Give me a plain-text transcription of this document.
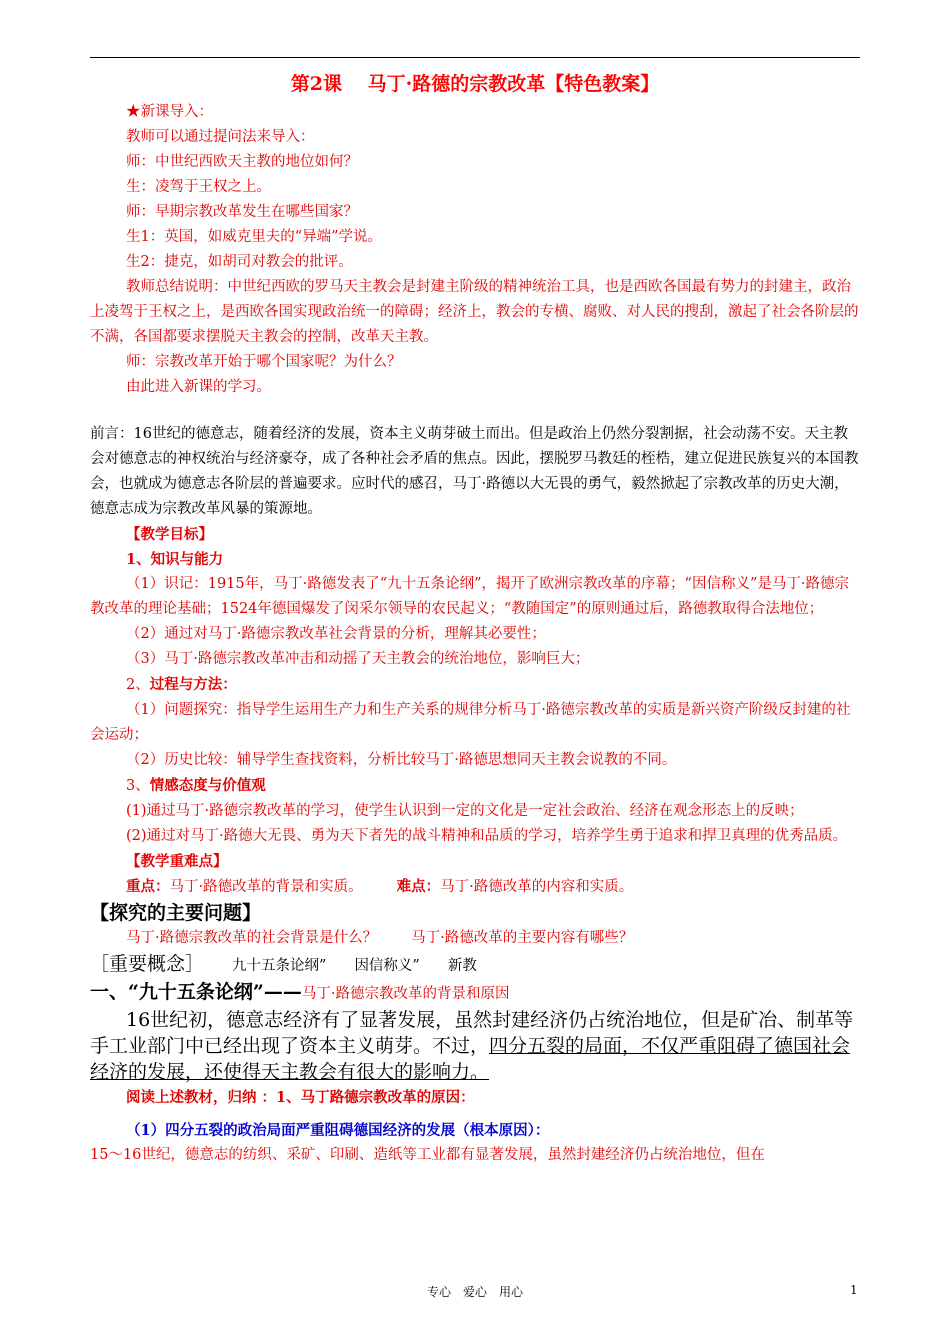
第2课　 马丁·路德的宗教改革【特色教案】

★新课导入：

教师可以通过提问法来导入：

师：中世纪西欧天主教的地位如何？

生：凌驾于王权之上。

师：早期宗教改革发生在哪些国家？

生1：英国，如威克里夫的“异端”学说。

生2：捷克，如胡司对教会的批评。

教师总结说明：中世纪西欧的罗马天主教会是封建主阶级的精神统治工具，也是西欧各国最有势力的封建主，政治上凌驾于王权之上，是西欧各国实现政治统一的障碍；经济上，教会的专横、腐败、对人民的搜刮，激起了社会各阶层的不满，各国都要求摆脱天主教会的控制，改革天主教。

师：宗教改革开始于哪个国家呢？为什么？

由此进入新课的学习。

前言：16世纪的德意志，随着经济的发展，资本主义萌芽破土而出。但是政治上仍然分裂割据，社会动荡不安。天主教会对德意志的神权统治与经济豪夺，成了各种社会矛盾的焦点。因此，摆脱罗马教廷的桎梏，建立促进民族复兴的本国教会，也就成为德意志各阶层的普遍要求。应时代的感召，马丁·路德以大无畏的勇气，毅然掀起了宗教改革的历史大潮，德意志成为宗教改革风暴的策源地。

【教学目标】

1、知识与能力

（1）识记：1915年，马丁·路德发表了“九十五条论纲”，揭开了欧洲宗教改革的序幕；“因信称义”是马丁·路德宗教改革的理论基础；1524年德国爆发了闵采尔领导的农民起义；“教随国定”的原则通过后，路德教取得合法地位；

（2）通过对马丁·路德宗教改革社会背景的分析，理解其必要性；

（3）马丁·路德宗教改革冲击和动摇了天主教会的统治地位，影响巨大；

2、过程与方法：

（1）问题探究：指导学生运用生产力和生产关系的规律分析马丁·路德宗教改革的实质是新兴资产阶级反封建的社会运动；

（2）历史比较：辅导学生查找资料，分析比较马丁·路德思想同天主教会说教的不同。

3、情感态度与价值观

(1)通过马丁·路德宗教改革的学习，使学生认识到一定的文化是一定社会政治、经济在观念形态上的反映；

(2)通过对马丁·路德大无畏、勇为天下者先的战斗精神和品质的学习，培养学生勇于追求和捍卫真理的优秀品质。

【教学重难点】

重点：马丁·路德改革的背景和实质。 难点：马丁·路德改革的内容和实质。

【探究的主要问题】

马丁·路德宗教改革的社会背景是什么？ 马丁·路德改革的主要内容有哪些？

［重要概念］ 九十五条论纲” 因信称义” 新教

一、“九十五条论纲”——马丁·路德宗教改革的背景和原因

16世纪初，德意志经济有了显著发展，虽然封建经济仍占统治地位，但是矿冶、制革等手工业部门中已经出现了资本主义萌芽。不过，四分五裂的局面，不仅严重阻碍了德国社会经济的发展，还使得天主教会有很大的影响力。

阅读上述教材，归纳 ：1、马丁路德宗教改革的原因：

（1）四分五裂的政治局面严重阻碍德国经济的发展（根本原因）：

15～16世纪，德意志的纺织、采矿、印刷、造纸等工业都有显著发展，虽然封建经济仍占统治地位，但在

专心　爱心　用心	1
